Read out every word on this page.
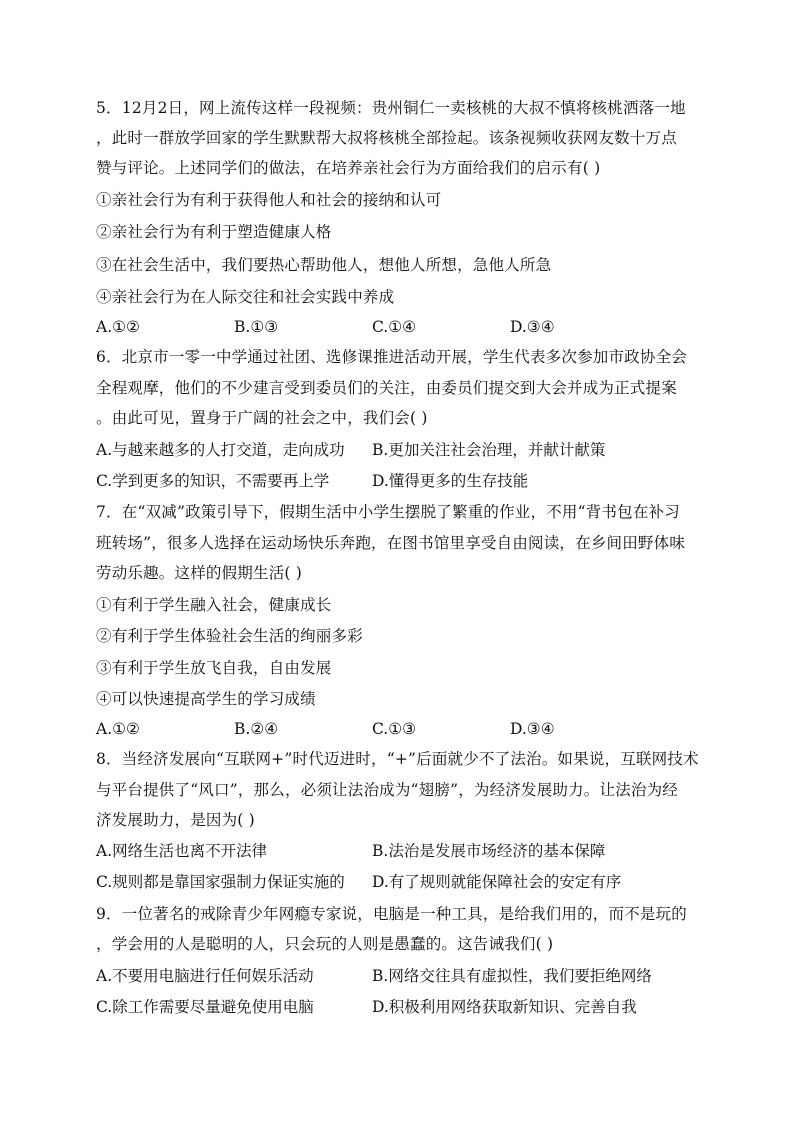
5．12月2日，网上流传这样一段视频：贵州铜仁一卖核桃的大叔不慎将核桃洒落一地
，此时一群放学回家的学生默默帮大叔将核桃全部捡起。该条视频收获网友数十万点
赞与评论。上述同学们的做法，在培养亲社会行为方面给我们的启示有( )
①亲社会行为有利于获得他人和社会的接纳和认可
②亲社会行为有利于塑造健康人格
③在社会生活中，我们要热心帮助他人，想他人所想，急他人所急
④亲社会行为在人际交往和社会实践中养成
A.①②	B.①③	C.①④	D.③④
6．北京市一零一中学通过社团、选修课推进活动开展，学生代表多次参加市政协全会
全程观摩，他们的不少建言受到委员们的关注，由委员们提交到大会并成为正式提案
。由此可见，置身于广阔的社会之中，我们会( )
A.与越来越多的人打交道，走向成功 B.更加关注社会治理，并献计献策
C.学到更多的知识，不需要再上学	D.懂得更多的生存技能
7．在“双减”政策引导下，假期生活中小学生摆脱了繁重的作业，不用“背书包在补习
班转场”，很多人选择在运动场快乐奔跑，在图书馆里享受自由阅读，在乡间田野体味
劳动乐趣。这样的假期生活( )
①有利于学生融入社会，健康成长
②有利于学生体验社会生活的绚丽多彩
③有利于学生放飞自我，自由发展
④可以快速提高学生的学习成绩
A.①②	B.②④	C.①③	D.③④
8．当经济发展向“互联网+”时代迈进时，“+”后面就少不了法治。如果说，互联网技术
与平台提供了“风口”，那么，必须让法治成为“翅膀”，为经济发展助力。让法治为经
济发展助力，是因为( )
A.网络生活也离不开法律	B.法治是发展市场经济的基本保障
C.规则都是靠国家强制力保证实施的 D.有了规则就能保障社会的安定有序
9．一位著名的戒除青少年网瘾专家说，电脑是一种工具，是给我们用的，而不是玩的
，学会用的人是聪明的人，只会玩的人则是愚蠢的。这告诫我们( )
A.不要用电脑进行任何娱乐活动	B.网络交往具有虚拟性，我们要拒绝网络
C.除工作需要尽量避免使用电脑	D.积极利用网络获取新知识、完善自我
